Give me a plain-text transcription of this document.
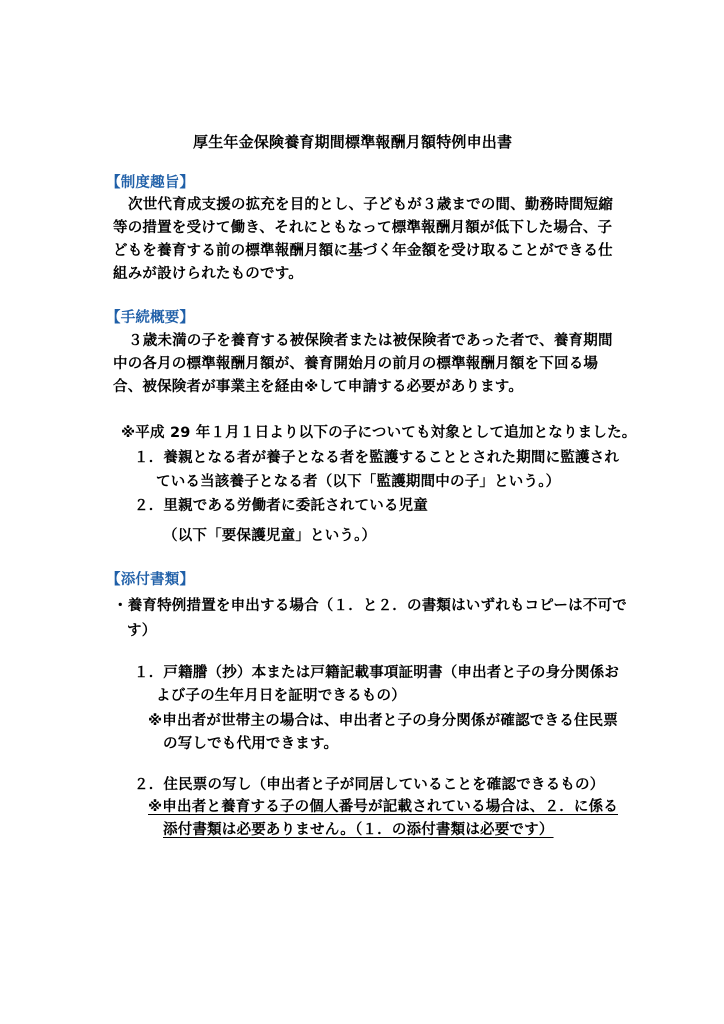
厚生年金保険養育期間標準報酬月額特例申出書
【制度趣旨】
次世代育成支援の拡充を目的とし、子どもが３歳までの間、勤務時間短縮
等の措置を受けて働き、それにともなって標準報酬月額が低下した場合、子
どもを養育する前の標準報酬月額に基づく年金額を受け取ることができる仕
組みが設けられたものです。
【手続概要】
３歳未満の子を養育する被保険者または被保険者であった者で、養育期間
中の各月の標準報酬月額が、養育開始月の前月の標準報酬月額を下回る場
合、被保険者が事業主を経由※して申請する必要があります。
※平成 29 年１月１日より以下の子についても対象として追加となりました。
１．養親となる者が養子となる者を監護することとされた期間に監護され
ている当該養子となる者（以下「監護期間中の子」という。）
２．里親である労働者に委託されている児童
（以下「要保護児童」という。）
【添付書類】
・養育特例措置を申出する場合（１．と２．の書類はいずれもコピーは不可で
す）
１．戸籍謄（抄）本または戸籍記載事項証明書（申出者と子の身分関係お
よび子の生年月日を証明できるもの）
※申出者が世帯主の場合は、申出者と子の身分関係が確認できる住民票
の写しでも代用できます。
２．住民票の写し（申出者と子が同居していることを確認できるもの）
※申出者と養育する子の個人番号が記載されている場合は、２．に係る
添付書類は必要ありません。（１．の添付書類は必要です）
